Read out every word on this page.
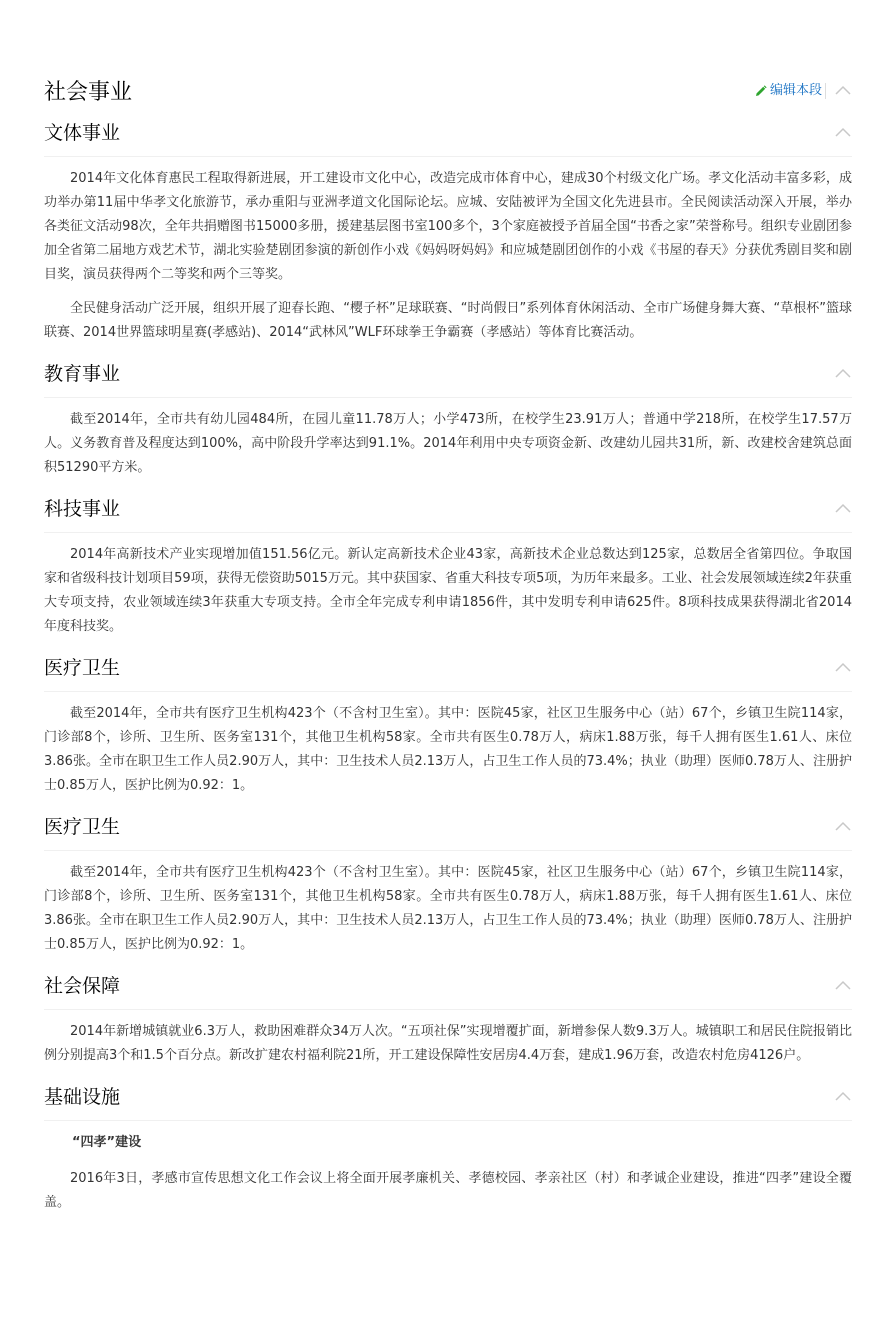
社会事业	编辑本段
文体事业

2014年文化体育惠民工程取得新进展，开工建设市文化中心，改造完成市体育中心，建成30个村级文化广场。孝文化活动丰富多彩，成功举办第11届中华孝文化旅游节，承办重阳与亚洲孝道文化国际论坛。应城、安陆被评为全国文化先进县市。全民阅读活动深入开展，举办各类征文活动98次，全年共捐赠图书15000多册，援建基层图书室100多个，3个家庭被授予首届全国“书香之家”荣誉称号。组织专业剧团参加全省第二届地方戏艺术节，湖北实验楚剧团参演的新创作小戏《妈妈呀妈妈》和应城楚剧团创作的小戏《书屋的春天》分获优秀剧目奖和剧目奖，演员获得两个二等奖和两个三等奖。

全民健身活动广泛开展，组织开展了迎春长跑、“樱子杯”足球联赛、“时尚假日”系列体育休闲活动、全市广场健身舞大赛、“草根杯”篮球联赛、2014世界篮球明星赛(孝感站)、2014“武林风”WLF环球拳王争霸赛（孝感站）等体育比赛活动。

教育事业

截至2014年，全市共有幼儿园484所，在园儿童11.78万人；小学473所，在校学生23.91万人；普通中学218所，在校学生17.57万人。义务教育普及程度达到100%，高中阶段升学率达到91.1%。2014年利用中央专项资金新、改建幼儿园共31所，新、改建校舍建筑总面积51290平方米。

科技事业

2014年高新技术产业实现增加值151.56亿元。新认定高新技术企业43家，高新技术企业总数达到125家，总数居全省第四位。争取国家和省级科技计划项目59项，获得无偿资助5015万元。其中获国家、省重大科技专项5项，为历年来最多。工业、社会发展领域连续2年获重大专项支持，农业领域连续3年获重大专项支持。全市全年完成专利申请1856件，其中发明专利申请625件。8项科技成果获得湖北省2014年度科技奖。

医疗卫生

截至2014年，全市共有医疗卫生机构423个（不含村卫生室）。其中：医院45家，社区卫生服务中心（站）67个，乡镇卫生院114家，门诊部8个，诊所、卫生所、医务室131个，其他卫生机构58家。全市共有医生0.78万人，病床1.88万张，每千人拥有医生1.61人、床位3.86张。全市在职卫生工作人员2.90万人，其中：卫生技术人员2.13万人，占卫生工作人员的73.4%；执业（助理）医师0.78万人、注册护士0.85万人，医护比例为0.92：1。

医疗卫生

截至2014年，全市共有医疗卫生机构423个（不含村卫生室）。其中：医院45家，社区卫生服务中心（站）67个，乡镇卫生院114家，门诊部8个，诊所、卫生所、医务室131个，其他卫生机构58家。全市共有医生0.78万人，病床1.88万张，每千人拥有医生1.61人、床位3.86张。全市在职卫生工作人员2.90万人，其中：卫生技术人员2.13万人，占卫生工作人员的73.4%；执业（助理）医师0.78万人、注册护士0.85万人，医护比例为0.92：1。

社会保障

2014年新增城镇就业6.3万人，救助困难群众34万人次。“五项社保”实现增覆扩面，新增参保人数9.3万人。城镇职工和居民住院报销比例分别提高3个和1.5个百分点。新改扩建农村福利院21所，开工建设保障性安居房4.4万套，建成1.96万套，改造农村危房4126户。

基础设施
“四孝”建设

2016年3日，孝感市宣传思想文化工作会议上将全面开展孝廉机关、孝德校园、孝亲社区（村）和孝诚企业建设，推进“四孝”建设全覆盖。
